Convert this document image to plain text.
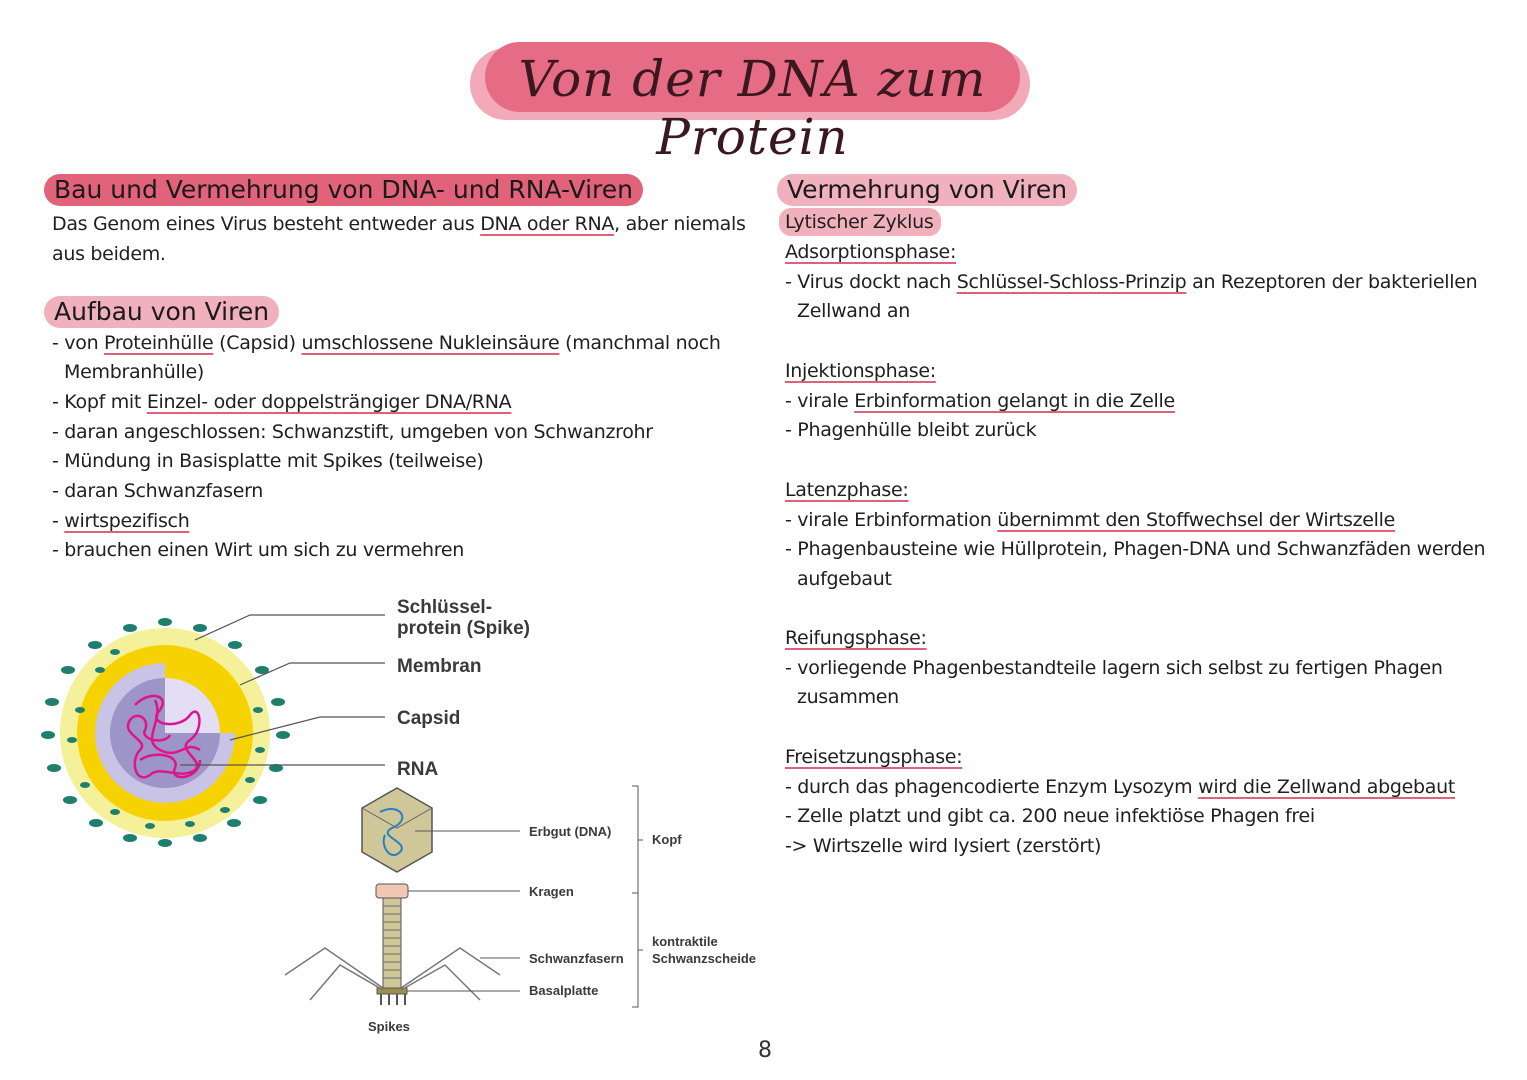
Von der DNA zum Protein
Bau und Vermehrung von DNA- und RNA-Viren
Das Genom eines Virus besteht entweder aus DNA oder RNA, aber niemals
aus beidem.
Aufbau von Viren
- von Proteinhülle (Capsid) umschlossene Nukleinsäure (manchmal noch
Membranhülle)
- Kopf mit Einzel- oder doppelsträngiger DNA/RNA
- daran angeschlossen: Schwanzstift, umgeben von Schwanzrohr
- Mündung in Basisplatte mit Spikes (teilweise)
- daran Schwanzfasern
- wirtspezifisch
- brauchen einen Wirt um sich zu vermehren
Schlüssel-
protein (Spike)
Membran
Capsid
RNA
Erbgut (DNA)
Kragen
Schwanzfasern
Basalplatte
Spikes
Kopf
kontraktile
Schwanzscheide
Vermehrung von Viren
Lytischer Zyklus
Adsorptionsphase:
- Virus dockt nach Schlüssel-Schloss-Prinzip an Rezeptoren der bakteriellen
Zellwand an
Injektionsphase:
- virale Erbinformation gelangt in die Zelle
- Phagenhülle bleibt zurück
Latenzphase:
- virale Erbinformation übernimmt den Stoffwechsel der Wirtszelle
- Phagenbausteine wie Hüllprotein, Phagen-DNA und Schwanzfäden werden
aufgebaut
Reifungsphase:
- vorliegende Phagenbestandteile lagern sich selbst zu fertigen Phagen
zusammen
Freisetzungsphase:
- durch das phagencodierte Enzym Lysozym wird die Zellwand abgebaut
- Zelle platzt und gibt ca. 200 neue infektiöse Phagen frei
-> Wirtszelle wird lysiert (zerstört)
8
